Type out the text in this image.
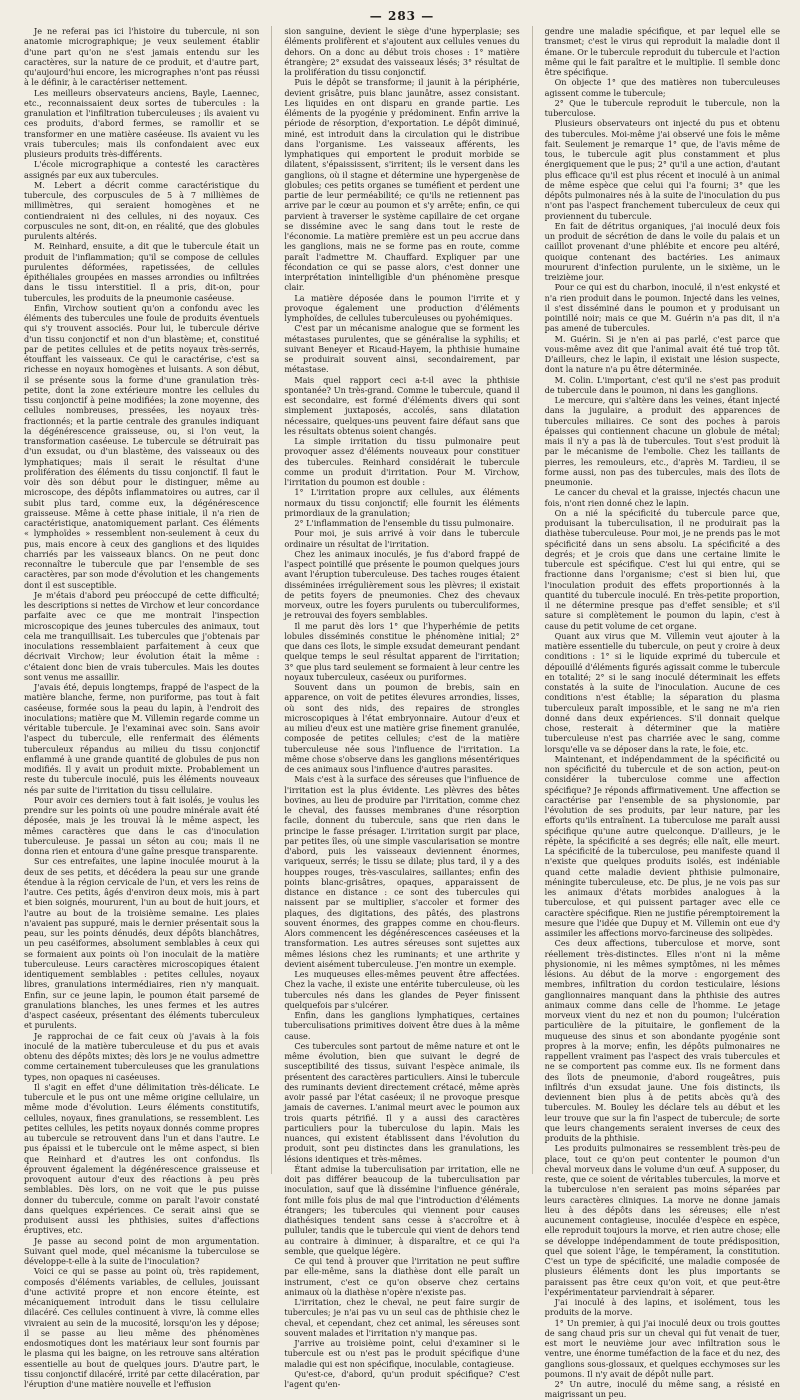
— 283 —

Je ne referai pas ici l'histoire du tubercule, ni son anatomie micrographique; je veux seulement établir d'une part qu'on ne s'est jamais entendu sur les caractères, sur la nature de ce produit, et d'autre part, qu'aujourd'hui encore, les micrographes n'ont pas réussi à le définir, à le caractériser nettement.

Les meilleurs observateurs anciens, Bayle, Laennec, etc., reconnaissaient deux sortes de tubercules : la granulation et l'infiltration tuberculeuses ; ils avaient vu ces produits, d'abord fermes, se ramollir et se transformer en une matière caséeuse. Ils avaient vu les vrais tubercules; mais ils confondaient avec eux plusieurs produits très-différents.

L'école micrographique a contesté les caractères assignés par eux aux tubercules.

M. Lebert a décrit comme caractéristique du tubercule, des corpuscules de 5 à 7 millièmes de millimètres, qui seraient homogènes et ne contiendraient ni des cellules, ni des noyaux. Ces corpuscules ne sont, dit-on, en réalité, que des globules purulents altérés.

M. Reinhard, ensuite, a dit que le tubercule était un produit de l'inflammation; qu'il se compose de cellules purulentes déformées, rapetissées, de cellules épithéliales groupées en masses arrondies ou infiltrées dans le tissu interstitiel. Il a pris, dit-on, pour tubercules, les produits de la pneumonie caséeuse.

Enfin, Virchow soutient qu'on a confondu avec les éléments des tubercules une foule de produits éventuels qui s'y trouvent associés. Pour lui, le tubercule dérive d'un tissu conjonctif et non d'un blastème; et, constitué par de petites cellules et de petits noyaux très-serrés, étouffant les vaisseaux. Ce qui le caractérise, c'est sa richesse en noyaux homogènes et luisants. A son début, il se présente sous la forme d'une granulation très-petite, dont la zone extérieure montre les cellules du tissu conjonctif à peine modifiées; la zone moyenne, des cellules nombreuses, pressées, les noyaux très-fractionnés; et la partie centrale des granules indiquant la dégénérescence graisseuse, ou, si l'on veut, la transformation caséeuse. Le tubercule se détruirait pas d'un exsudat, ou d'un blastème, des vaisseaux ou des lymphatiques; mais il serait le résultat d'une prolifération des éléments du tissu conjonctif. Il faut le voir dès son début pour le distinguer, même au microscope, des dépôts inflammatoires ou autres, car il subit plus tard, comme eux, la dégénérescence graisseuse. Même à cette phase initiale, il n'a rien de caractéristique, anatomiquement parlant. Ces éléments « lymphoïdes » ressemblent non-seulement à ceux du pus, mais encore à ceux des ganglions et des liquides charriés par les vaisseaux blancs. On ne peut donc reconnaître le tubercule que par l'ensemble de ses caractères, par son mode d'évolution et les changements dont il est susceptible.

Je m'étais d'abord peu préoccupé de cette difficulté; les descriptions si nettes de Virchow et leur concordance parfaite avec ce que me montrait l'inspection microscopique des jeunes tubercules des animaux, tout cela me tranquillisait. Les tubercules que j'obtenais par inoculations ressemblaient parfaitement à ceux que décrivait Virchow; leur évolution était la même : c'étaient donc bien de vrais tubercules. Mais les doutes sont venus me assaillir.

J'avais été, depuis longtemps, frappé de l'aspect de la matière blanche, ferme, non puriforme, pas tout à fait caséeuse, formée sous la peau du lapin, à l'endroit des inoculations; matière que M. Villemin regarde comme un véritable tubercule. Je l'examinai avec soin. Sans avoir l'aspect du tubercule, elle renfermait des éléments tuberculeux répandus au milieu du tissu conjonctif enflammé à une grande quantité de globules de pus non modifiés. Il y avait un produit mixte. Probablement un reste du tubercule inoculé, puis les éléments nouveaux nés par suite de l'irritation du tissu cellulaire.

Pour avoir ces derniers tout à fait isolés, je voulus les prendre sur les points où une poudre minérale avait été déposée, mais je les trouvai là le même aspect, les mêmes caractères que dans le cas d'inoculation tuberculeuse. Je passai un séton au cou; mais il ne donna rien et entoura d'une gaîne presque transparente.

Sur ces entrefaites, une lapine inoculée mourut à la deux de ses petits, et décédera la peau sur une grande étendue à la région cervicale de l'un, et vers les reins de l'autre. Ces petits, âgés d'environ deux mois, mis à part et bien soignés, moururent, l'un au bout de huit jours, et l'autre au bout de la troisième semaine. Les plaies n'avaient pas suppuré, mais le dernier présentait sous la peau, sur les points dénudés, deux dépôts blanchâtres, un peu caséiformes, absolument semblables à ceux qui se formaient aux points où l'on inoculait de la matière tuberculeuse. Leurs caractères microscopiques étaient identiquement semblables : petites cellules, noyaux libres, granulations intermédiaires, rien n'y manquait. Enfin, sur ce jeune lapin, le poumon était parsemé de granulations blanches, les unes fermes et les autres d'aspect caséeux, présentant des éléments tuberculeux et purulents.

Je rapprochai de ce fait ceux où j'avais à la fois inoculé de la matière tuberculeuse et du pus et avais obtenu des dépôts mixtes; dès lors je ne voulus admettre comme certainement tuberculeuses que les granulations types, non opaques ni caséeuses.

Il s'agit en effet d'une délimitation très-délicate. Le tubercule et le pus ont une même origine cellulaire, un même mode d'évolution. Leurs éléments constitutifs, cellules, noyaux, fines granulations, se ressemblent. Les petites cellules, les petits noyaux donnés comme propres au tubercule se retrouvent dans l'un et dans l'autre. Le pus épaissi et le tubercule ont le même aspect, si bien que Reinhard et d'autres les ont confondus. Ils éprouvent également la dégénérescence graisseuse et provoquent autour d'eux des réactions à peu près semblables. Dès lors, on ne voit que le pus puisse donner du tubercule, comme on paraît l'avoir constaté dans quelques expériences. Ce serait ainsi que se produisent aussi les phthisies, suites d'affections éruptives, etc.

Je passe au second point de mon argumentation. Suivant quel mode, quel mécanisme la tuberculose se développe-t-elle à la suite de l'inoculation?

Voici ce qui se passe au point où, très rapidement, composés d'éléments variables, de cellules, jouissant d'une activité propre et non encore éteinte, est mécaniquement introduit dans le tissu cellulaire dilacéré. Ces cellules continuent à vivre, là comme elles vivraient au sein de la mucosité, lorsqu'on les y dépose; il se passe au lieu même des phénomènes endosmotiques dont les matériaux leur sont fournis par le plasma qui les baigne, on les retrouve sans altération essentielle au bout de quelques jours. D'autre part, le tissu conjonctif dilacéré, irrité par cette dilacération, par l'éruption d'une matière nouvelle et l'effusion

sion sanguine, devient le siège d'une hyperplasie; ses éléments prolifèrent et s'ajoutent aux cellules venues du dehors. On a donc au début trois choses : 1° matière étrangère; 2° exsudat des vaisseaux lésés; 3° résultat de la prolifération du tissu conjonctif.

Puis le dépôt se transforme; il jaunit à la périphérie, devient grisâtre, puis blanc jaunâtre, assez consistant. Les liquides en ont disparu en grande partie. Les éléments de la pyogénie y prédominent. Enfin arrive la période de résorption, d'exportation. Le dépôt diminué, miné, est introduit dans la circulation qui le distribue dans l'organisme. Les vaisseaux afférents, les lymphatiques qui emportent le produit morbide se dilatent, s'épaississent, s'irritent; ils le versent dans les ganglions, où il stagne et détermine une hypergenèse de globules; ces petits organes se tuméfient et perdent une partie de leur perméabilité; ce qu'ils ne retiennent pas arrive par le cœur au poumon et s'y arrête; enfin, ce qui parvient à traverser le système capillaire de cet organe se dissémine avec le sang dans tout le reste de l'économie. La matière première est un peu accrue dans les ganglions, mais ne se forme pas en route, comme paraît l'admettre M. Chauffard. Expliquer par une fécondation ce qui se passe alors, c'est donner une interprétation inintelligible d'un phénomène presque clair.

La matière déposée dans le poumon l'irrite et y provoque également une production d'éléments lymphoïdes, de cellules tuberculeuses ou pyohémiques.

C'est par un mécanisme analogue que se forment les métastases purulentes, que se généralise la syphilis; et suivant Beneyer et Ricaud-Hayem, la phthisie humaine se produirait souvent ainsi, secondairement, par métastase.

Mais quel rapport ceci a-t-il avec la phthisie spontanée? Un très-grand. Comme le tubercule, quand il est secondaire, est formé d'éléments divers qui sont simplement juxtaposés, accolés, sans dilatation nécessaire, quelques-uns peuvent faire défaut sans que les résultats obtenus soient changés.

La simple irritation du tissu pulmonaire peut provoquer assez d'éléments nouveaux pour constituer des tubercules. Reinhard considérait le tubercule comme un produit d'irritation. Pour M. Virchow, l'irritation du poumon est double :

1° L'irritation propre aux cellules, aux éléments normaux du tissu conjonctif; elle fournit les éléments primordiaux de la granulation;

2° L'inflammation de l'ensemble du tissu pulmonaire.

Pour moi, je suis arrivé à voir dans le tubercule ordinaire un résultat de l'irritation.

Chez les animaux inoculés, je fus d'abord frappé de l'aspect pointillé que présente le poumon quelques jours avant l'éruption tuberculeuse. Des taches rouges étaient disséminées irrégulièrement sous les plèvres; il existait de petits foyers de pneumonies. Chez des chevaux morveux, outre les foyers purulents ou tuberculiformes, je retrouvai des foyers semblables.

Il me parut dès lors 1° que l'hyperhémie de petits lobules disséminés constitue le phénomène initial; 2° que dans ces îlots, le simple exsudat demeurant pendant quelque temps le seul résultat apparent de l'irritation; 3° que plus tard seulement se formaient à leur centre les noyaux tuberculeux, caséeux ou puriformes.

Souvent dans un poumon de brebis, sain en apparence, on voit de petites élevures arrondies, lisses, où sont des nids, des repaires de strongles microscopiques à l'état embryonnaire. Autour d'eux et au milieu d'eux est une matière grise finement granulée, composée de petites cellules; c'est de la matière tuberculeuse née sous l'influence de l'irritation. La même chose s'observe dans les ganglions mésentériques de ces animaux sous l'influence d'autres parasites.

Mais c'est à la surface des séreuses que l'influence de l'irritation est la plus évidente. Les plèvres des bêtes bovines, au lieu de produire par l'irritation, comme chez le cheval, des fausses membranes d'une résorption facile, donnent du tubercule, sans que rien dans le principe le fasse présager. L'irritation surgit par place, par petites îles, où une simple vascularisation se montre d'abord, puis les vaisseaux deviennent énormes, variqueux, serrés; le tissu se dilate; plus tard, il y a des houppes rouges, très-vasculaires, saillantes; enfin des points blanc-grisâtres, opaques, apparaissent de distance en distance : ce sont des tubercules qui naissent par se multiplier, s'accoler et former des plaques, des digitations, des pâtés, des plastrons souvent énormes, des grappes comme en chou-fleurs. Alors commencent les dégénérescences caséeuses et la transformation. Les autres séreuses sont sujettes aux mêmes lésions chez les ruminants; et une arthrite y devient aisément tuberculeuse. J'en montre un exemple.

Les muqueuses elles-mêmes peuvent être affectées. Chez la vache, il existe une entérite tuberculeuse, où les tubercules nés dans les glandes de Peyer finissent quelquefois par s'ulcérer.

Enfin, dans les ganglions lymphatiques, certaines tuberculisations primitives doivent être dues à la même cause.

Ces tubercules sont partout de même nature et ont le même évolution, bien que suivant le degré de susceptibilité des tissus, suivant l'espèce animale, ils présentent des caractères particuliers. Ainsi le tubercule des ruminants devient directement crétacé, même après avoir passé par l'état caséeux; il ne provoque presque jamais de cavernes. L'animal meurt avec le poumon aux trois quarts pétrifié. Il y a aussi des caractères particuliers pour la tuberculose du lapin. Mais les nuances, qui existent établissent dans l'évolution du produit, sont peu distinctes dans les granulations, les lésions identiques et très-mêmes.

Étant admise la tuberculisation par irritation, elle ne doit pas différer beaucoup de la tuberculisation par inoculation, sauf que là dissémine l'influence générale, font mille fois plus de mal que l'introduction d'éléments étrangers; les tubercules qui viennent pour causes diathésiques tendent sans cesse à s'accroître et à pulluler, tandis que le tubercule qui vient de dehors tend au contraire à diminuer, à disparaître, et ce qui l'a semble, que quelque légère.

Ce qui tend à prouver que l'irritation ne peut suffire par elle-même, sans la diathèse dont elle paraît un instrument, c'est ce qu'on observe chez certains animaux où la diathèse n'opère n'existe pas.

L'irritation, chez le cheval, ne peut faire surgir de tubercules; je n'ai pas vu un seul cas de phthisie chez le cheval, et cependant, chez cet animal, les séreuses sont souvent malades et l'irritation n'y manque pas.

J'arrive au troisième point, celui d'examiner si le tubercule est ou n'est pas le produit spécifique d'une maladie qui est non spécifique, inoculable, contagieuse.

Qu'est-ce, d'abord, qu'un produit spécifique? C'est l'agent qu'en-

gendre une maladie spécifique, et par lequel elle se transmet; c'est le virus qui reproduit la maladie dont il émane. Or le tubercule reproduit du tubercule et l'action même qui le fait paraître et le multiplie. Il semble donc être spécifique.

On objecte 1° que des matières non tuberculeuses agissent comme le tubercule;

2° Que le tubercule reproduit le tubercule, non la tuberculose.

Plusieurs observateurs ont injecté du pus et obtenu des tubercules. Moi-même j'ai observé une fois le même fait. Seulement je remarque 1° que, de l'avis même de tous, le tubercule agit plus constamment et plus énergiquement que le pus; 2° qu'il a une action, d'autant plus efficace qu'il est plus récent et inoculé à un animal de même espèce que celui qui l'a fourni; 3° que les dépôts pulmonaires nés à la suite de l'inoculation du pus n'ont pas l'aspect franchement tuberculeux de ceux qui proviennent du tubercule.

En fait de détritus organiques, j'ai inoculé deux fois un produit de sécrétion de dans le voile du palais et un cailllot provenant d'une phlébite et encore peu altéré, quoique contenant des bactéries. Les animaux moururent d'infection purulente, un le sixième, un le treizième jour.

Pour ce qui est du charbon, inoculé, il n'est enkysté et n'a rien produit dans le poumon. Injecté dans les veines, il s'est disséminé dans le poumon et y produisant un pointillé noir; mais ce que M. Guérin n'a pas dit, il n'a pas amené de tubercules.

M. Guérin. Si je n'en ai pas parlé, c'est parce que vous-même avez dit que l'animal avait été tué trop tôt. D'ailleurs, chez le lapin, il existait une lésion suspecte, dont la nature n'a pu être déterminée.

M. Colin. L'important, c'est qu'il ne s'est pas produit de tubercule dans le poumon, ni dans les ganglions.

Le mercure, qui s'altère dans les veines, étant injecté dans la jugulaire, a produit des apparences de tubercules miliaires. Ce sont des poches à parois épaisses qui contiennent chacune un globule de métal; mais il n'y a pas là de tubercules. Tout s'est produit là par le mécanisme de l'embolie. Chez les taillants de pierres, les remouleurs, etc., d'après M. Tardieu, il se forme aussi, non pas des tubercules, mais des îlots de pneumonie.

Le cancer du cheval et la graisse, injectés chacun une fois, n'ont rien donné chez le lapin.

On a nié la spécificité du tubercule parce que, produisant la tuberculisation, il ne produirait pas la diathèse tuberculeuse. Pour moi, je ne prends pas le mot spécificité dans un sens absolu. La spécificité a des degrés; et je crois que dans une certaine limite le tubercule est spécifique. C'est lui qui entre, qui se fractionne dans l'organisme; c'est si bien lui, que l'inoculation produit des effets proportionnés à la quantité du tubercule inoculé. En très-petite proportion, il ne détermine presque pas d'effet sensible; et s'il sature si complètement le poumon du lapin, c'est à cause du petit volume de cet organe.

Quant aux virus que M. Villemin veut ajouter à la matière essentielle du tubercule, on peut y croire à deux conditions : 1° si le liquide exprimé du tubercule et dépouillé d'éléments figurés agissait comme le tubercule en totalité; 2° si le sang inoculé déterminait les effets constatés à la suite de l'inoculation. Aucune de ces conditions n'est établie; la séparation du plasma tuberculeux paraît impossible, et le sang ne m'a rien donné dans deux expériences. S'il donnait quelque chose, resterait à déterminer que la matière tuberculeuse n'est pas charriée avec le sang, comme lorsqu'elle va se déposer dans la rate, le foie, etc.

Maintenant, et indépendamment de la spécificité ou non spécificité du tubercule et de son action, peut-on considérer la tuberculose comme une affection spécifique? Je réponds affirmativement. Une affection se caractérise par l'ensemble de sa physionomie, par l'évolution de ses produits, par leur nature, par les efforts qu'ils entraînent. La tuberculose me paraît aussi spécifique qu'une autre quelconque. D'ailleurs, je le répète, la spécificité a ses degrés; elle naît, elle meurt. La spécificité de la tuberculose, peu manifeste quand il n'existe que quelques produits isolés, est indéniable quand cette maladie devient phthisie pulmonaire, méningite tuberculeuse, etc. De plus, je ne vois pas sur les animaux d'états morbides analogues à la tuberculose, et qui puissent partager avec elle ce caractère spécifique. Rien ne justifie péremptoirement la mesure que l'idée que Dupuy et M. Villemin ont eue d'y assimiler les affections morvo-farcineuse des solipèdes.

Ces deux affections, tuberculose et morve, sont réellement très-distinctes. Elles n'ont ni la même physionomie, ni les mêmes symptômes, ni les mêmes lésions. Au début de la morve : engorgement des membres, infiltration du cordon testiculaire, lésions ganglionnaires manquant dans la phthisie des autres animaux comme dans celle de l'homme. Le jetage morveux vient du nez et non du poumon; l'ulcération particulière de la pituitaire, le gonflement de la muqueuse des sinus et son abondante pyogénie sont propres à la morve; enfin, les dépôts pulmonaires ne rappellent vraiment pas l'aspect des vrais tubercules et ne se comportent pas comme eux. Ils ne forment dans des îlots de pneumonie, d'abord rougeâtres, puis infiltrés d'un exsudat jaune. Une fois distincts, ils deviennent bien plus à de petits abcès qu'à des tubercules. M. Bouley les déclare tels au début et les leur trouve que sur la fin l'aspect de tubercule; de sorte que leurs changements seraient inverses de ceux des produits de la phthisie.

Les produits pulmonaires se ressemblent très-peu de place, tout ce qu'on peut contenter le poumon d'un cheval morveux dans le volume d'un œuf. A supposer, du reste, que ce soient de véritables tubercules, la morve et la tuberculose n'en seraient pas moins séparées par leurs caractères cliniques. La morve ne donne jamais lieu à des dépôts dans les séreuses; elle n'est aucunement contagieuse, inoculée d'espèce en espèce, elle reproduit toujours la morve, et rien autre chose; elle se développe indépendamment de toute prédisposition, quel que soient l'âge, le tempérament, la constitution. C'est un type de spécificité, une maladie composée de plusieurs éléments dont les plus importants se paraissent pas être ceux qu'on voit, et que peut-être l'expérimentateur parviendrait à séparer.

J'ai inoculé à des lapins, et isolément, tous les produits de la morve.

1° Un premier, à qui j'ai inoculé deux ou trois gouttes de sang chaud pris sur un cheval qui fut venait de tuer, est mort le neuvième jour avec infiltration sous le ventre, une énorme tuméfaction de la face et du nez, des ganglions sous-glossaux, et quelques ecchymoses sur les poumons. Il n'y avait de dépôt nulle part.

2° Un autre, inoculé du même sang, a résisté en maigrissant un peu.
